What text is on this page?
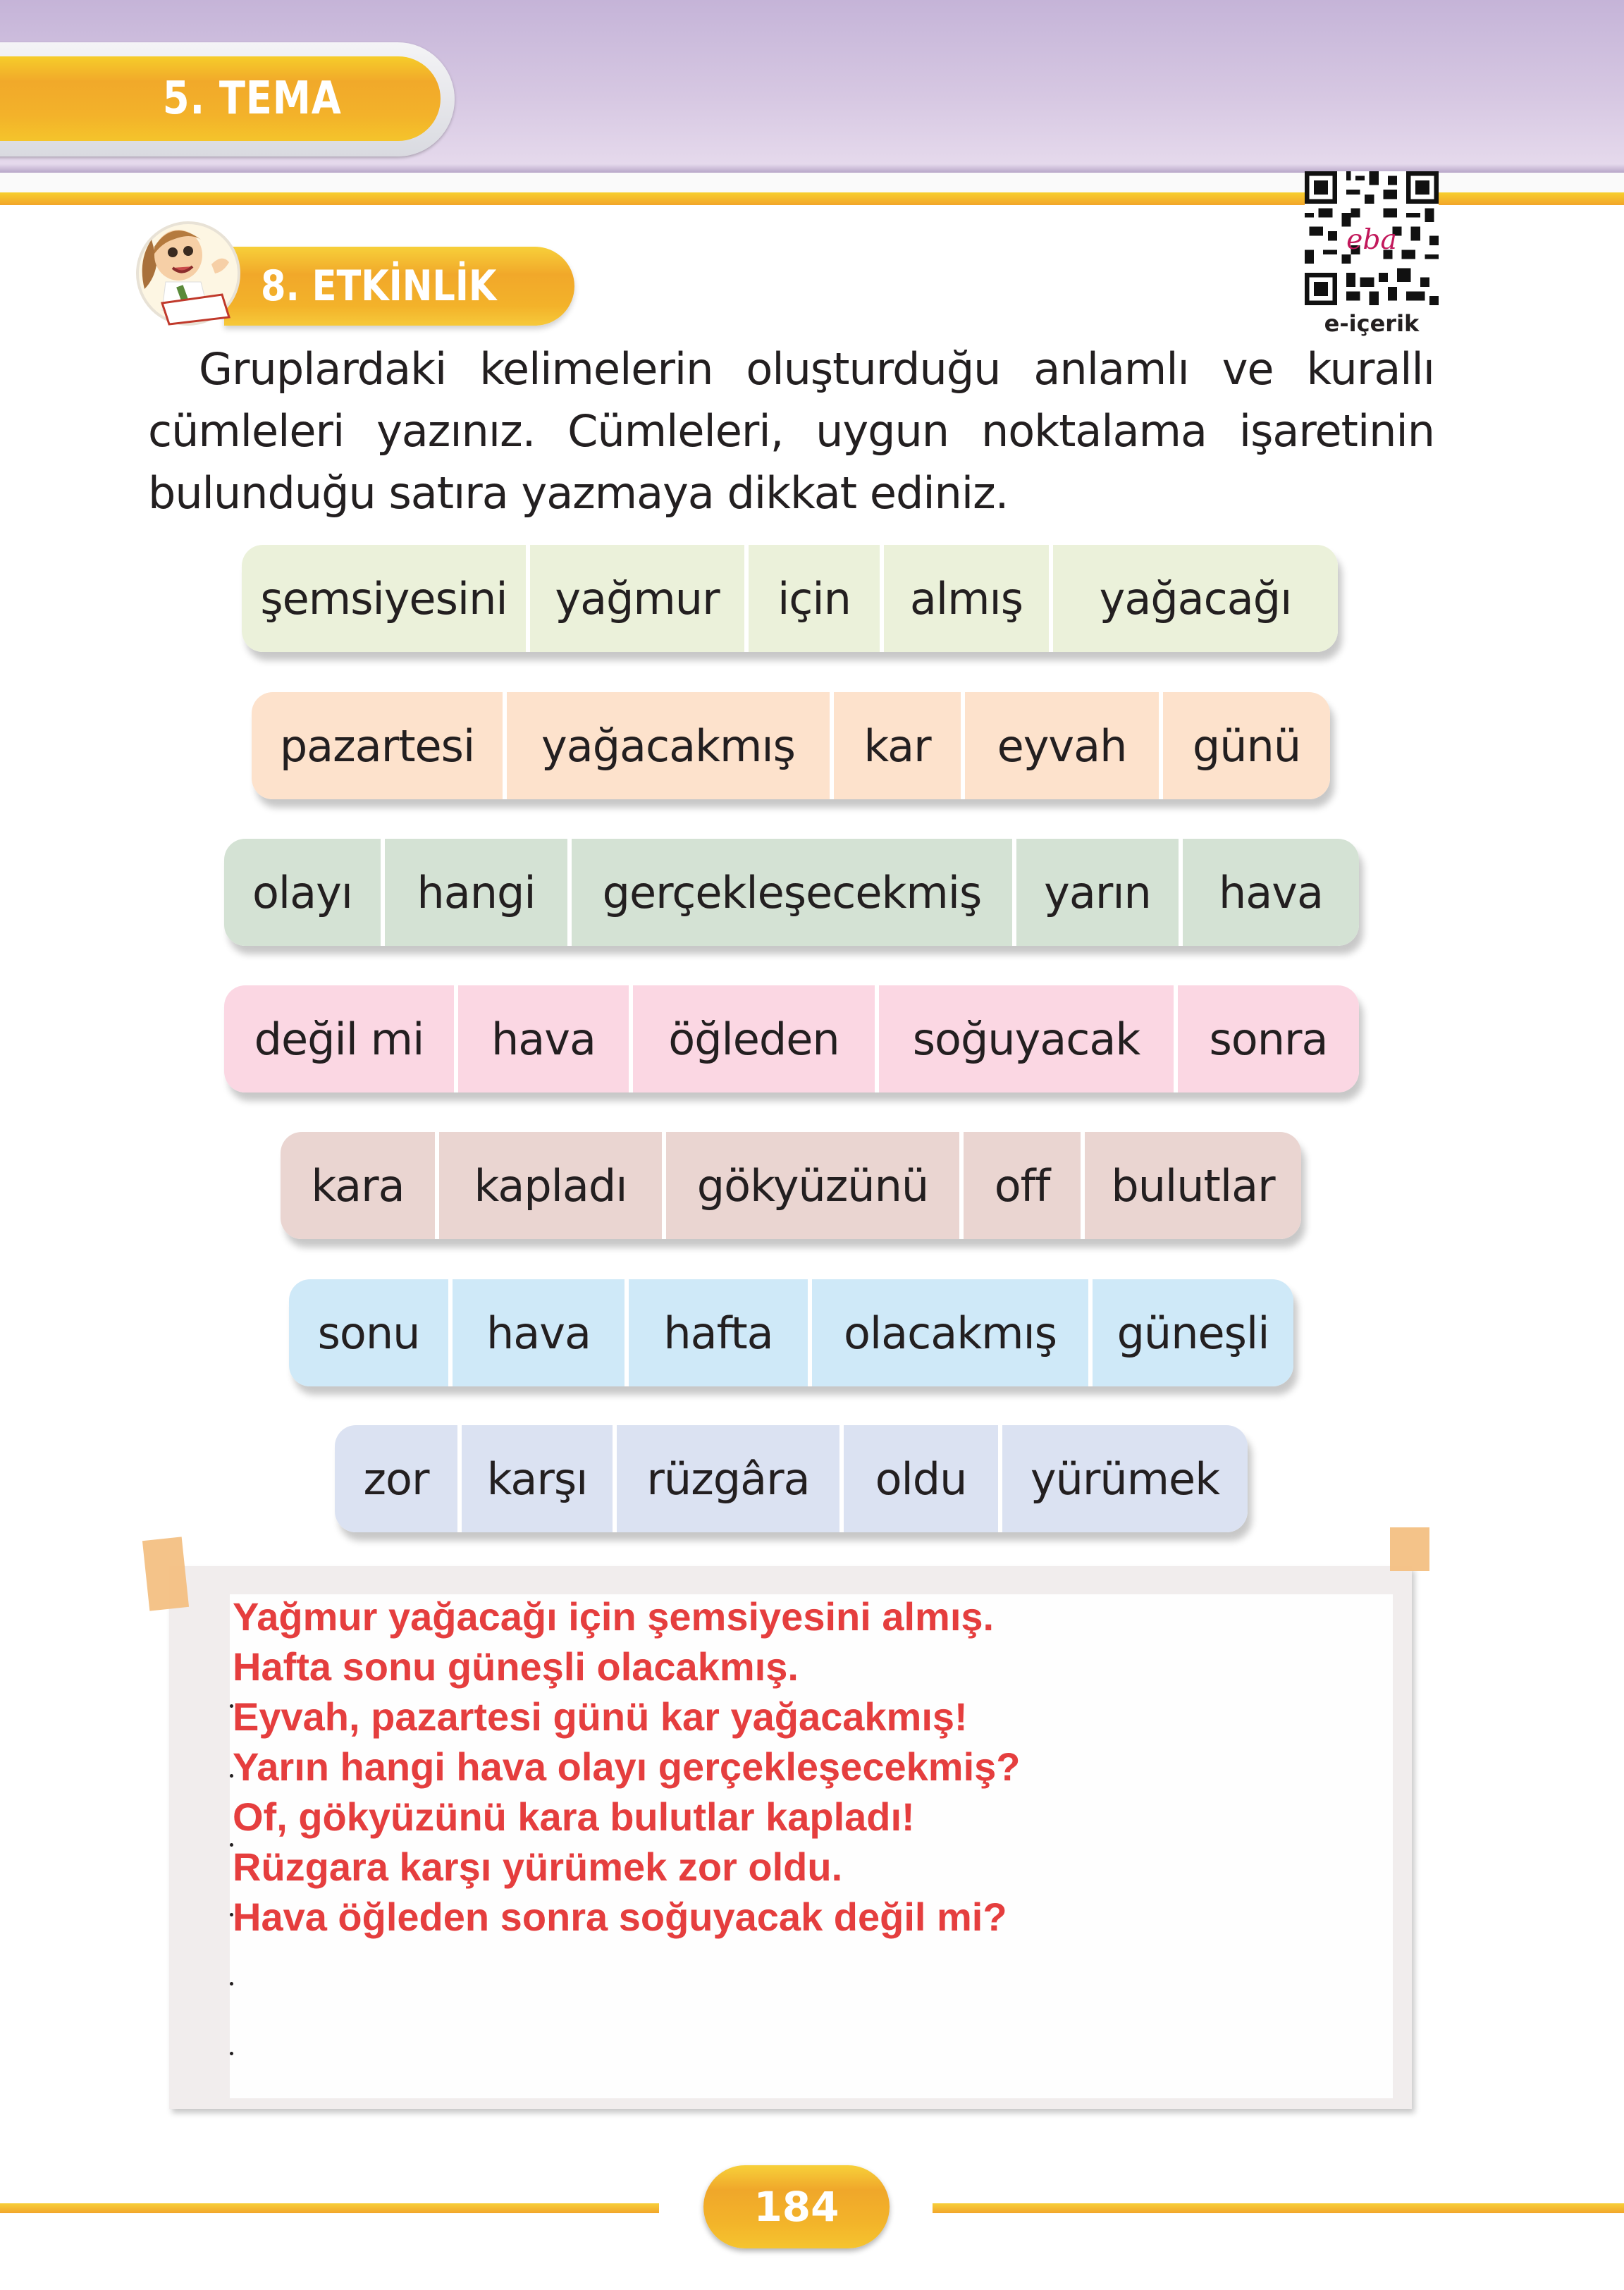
5. TEMA
eba
e-içerik
8. ETKİNLİK
Gruplardaki kelimelerin oluşturduğu anlamlı ve kurallı cümleleri yazınız. Cümleleri, uygun noktalama işaretinin bulunduğu satıra yazmaya dikkat ediniz.
şemsiyesini	yağmur	için	almış	yağacağı
pazartesi	yağacakmış	kar	eyvah	günü
olayı	hangi	gerçekleşecekmiş	yarın	hava
değil mi	hava	öğleden	soğuyacak	sonra
kara	kapladı	gökyüzünü	off	bulutlar
sonu	hava	hafta	olacakmış	güneşli
zor	karşı	rüzgâra	oldu	yürümek
Yağmur yağacağı için şemsiyesini almış.
Hafta sonu güneşli olacakmış.
Eyvah, pazartesi günü kar yağacakmış!
Yarın hangi hava olayı gerçekleşecekmiş?
Of, gökyüzünü kara bulutlar kapladı!
Rüzgara karşı yürümek zor oldu.
Hava öğleden sonra soğuyacak değil mi?
184
